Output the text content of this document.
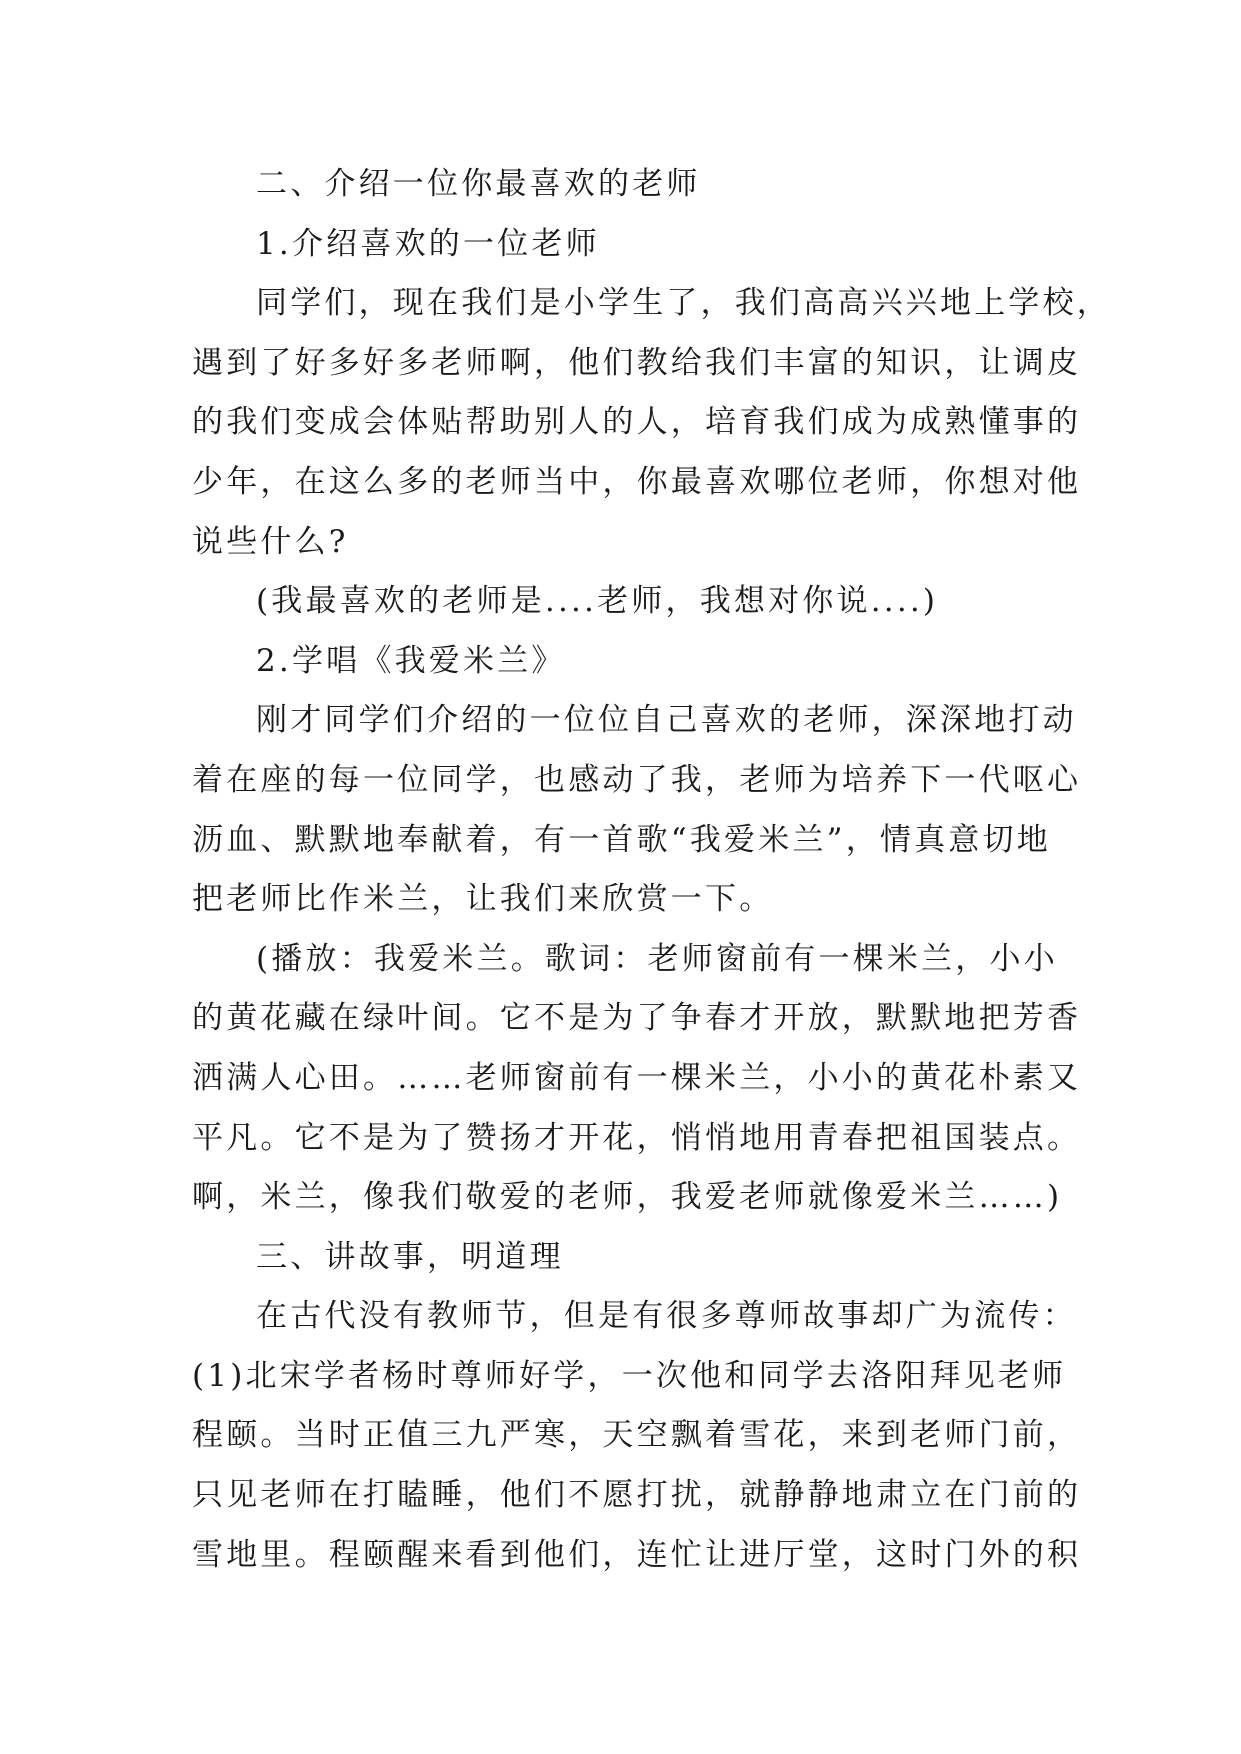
二、介绍一位你最喜欢的老师
1.介绍喜欢的一位老师
同学们，现在我们是小学生了，我们高高兴兴地上学校，
遇到了好多好多老师啊，他们教给我们丰富的知识，让调皮
的我们变成会体贴帮助别人的人，培育我们成为成熟懂事的
少年，在这么多的老师当中，你最喜欢哪位老师，你想对他
说些什么?
(我最喜欢的老师是....老师，我想对你说....)
2.学唱《我爱米兰》
刚才同学们介绍的一位位自己喜欢的老师，深深地打动
着在座的每一位同学，也感动了我，老师为培养下一代呕心
沥血、默默地奉献着，有一首歌“我爱米兰”，情真意切地
把老师比作米兰，让我们来欣赏一下。
(播放：我爱米兰。歌词：老师窗前有一棵米兰，小小
的黄花藏在绿叶间。它不是为了争春才开放，默默地把芳香
洒满人心田。……老师窗前有一棵米兰，小小的黄花朴素又
平凡。它不是为了赞扬才开花，悄悄地用青春把祖国装点。
啊，米兰，像我们敬爱的老师，我爱老师就像爱米兰……)
三、讲故事，明道理
在古代没有教师节，但是有很多尊师故事却广为流传：
(1)北宋学者杨时尊师好学，一次他和同学去洛阳拜见老师
程颐。当时正值三九严寒，天空飘着雪花，来到老师门前，
只见老师在打瞌睡，他们不愿打扰，就静静地肃立在门前的
雪地里。程颐醒来看到他们，连忙让进厅堂，这时门外的积
